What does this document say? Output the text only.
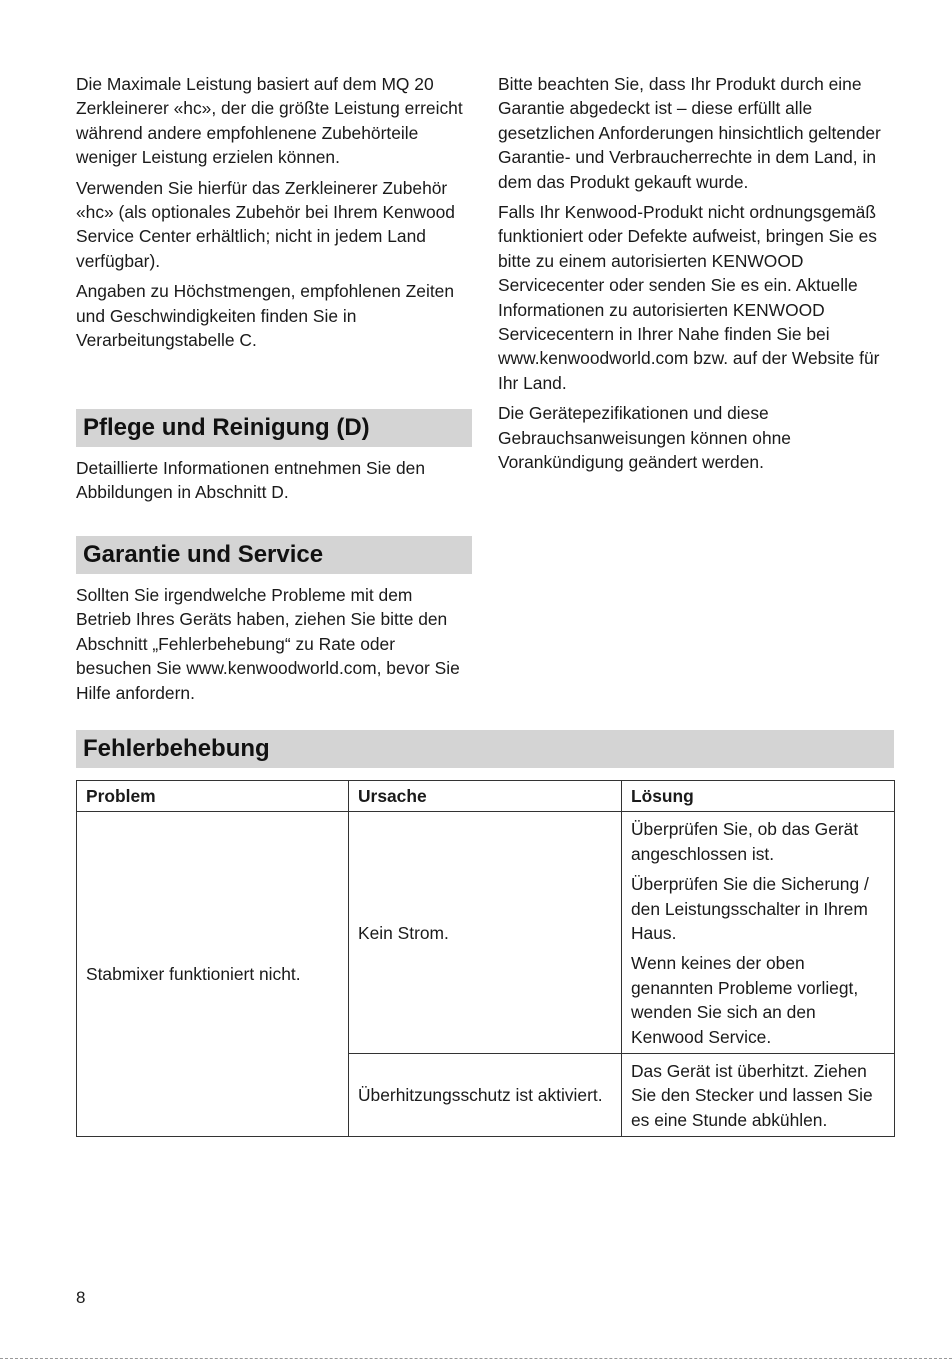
Die Maximale Leistung basiert auf dem MQ 20 Zerkleinerer «hc», der die größte Leistung erreicht während andere empfohlenene Zubehörteile weniger Leistung erzielen können.

Verwenden Sie hierfür das Zerkleinerer Zubehör «hc» (als optionales Zubehör bei Ihrem Kenwood Service Center erhältlich; nicht in jedem Land verfügbar).

Angaben zu Höchstmengen, empfohlenen Zeiten und Geschwindigkeiten finden Sie in Verarbeitungstabelle C.

Pflege und Reinigung (D)

Detaillierte Informationen entnehmen Sie den Abbildungen in Abschnitt D.

Garantie und Service

Sollten Sie irgendwelche Probleme mit dem Betrieb Ihres Geräts haben, ziehen Sie bitte den Abschnitt „Fehlerbehebung“ zu Rate oder besuchen Sie www.kenwoodworld.com, bevor Sie Hilfe anfordern.

Bitte beachten Sie, dass Ihr Produkt durch eine Garantie abgedeckt ist – diese erfüllt alle gesetzlichen Anforderungen hinsichtlich geltender Garantie- und Verbraucherrechte in dem Land, in dem das Produkt gekauft wurde.

Falls Ihr Kenwood-Produkt nicht ordnungsgemäß funktioniert oder Defekte aufweist, bringen Sie es bitte zu einem autorisierten KENWOOD Servicecenter oder senden Sie es ein. Aktuelle Informationen zu autorisierten KENWOOD Servicecentern in Ihrer Nahe finden Sie bei www.kenwoodworld.com bzw. auf der Website für Ihr Land.

Die Gerätepezifikationen und diese Gebrauchsanweisungen können ohne Vorankündigung geändert werden.

Fehlerbehebung
Problem	Ursache	Lösung
Stabmixer funktioniert nicht.	Kein Strom.	Überprüfen Sie, ob das Gerät angeschlossen ist.

Überprüfen Sie die Sicherung / den Leistungsschalter in Ihrem Haus.

Wenn keines der oben genannten Probleme vorliegt, wenden Sie sich an den Kenwood Service.

	Überhitzungsschutz ist aktiviert.	Das Gerät ist überhitzt. Ziehen Sie den Stecker und lassen Sie es eine Stunde abkühlen.

8
